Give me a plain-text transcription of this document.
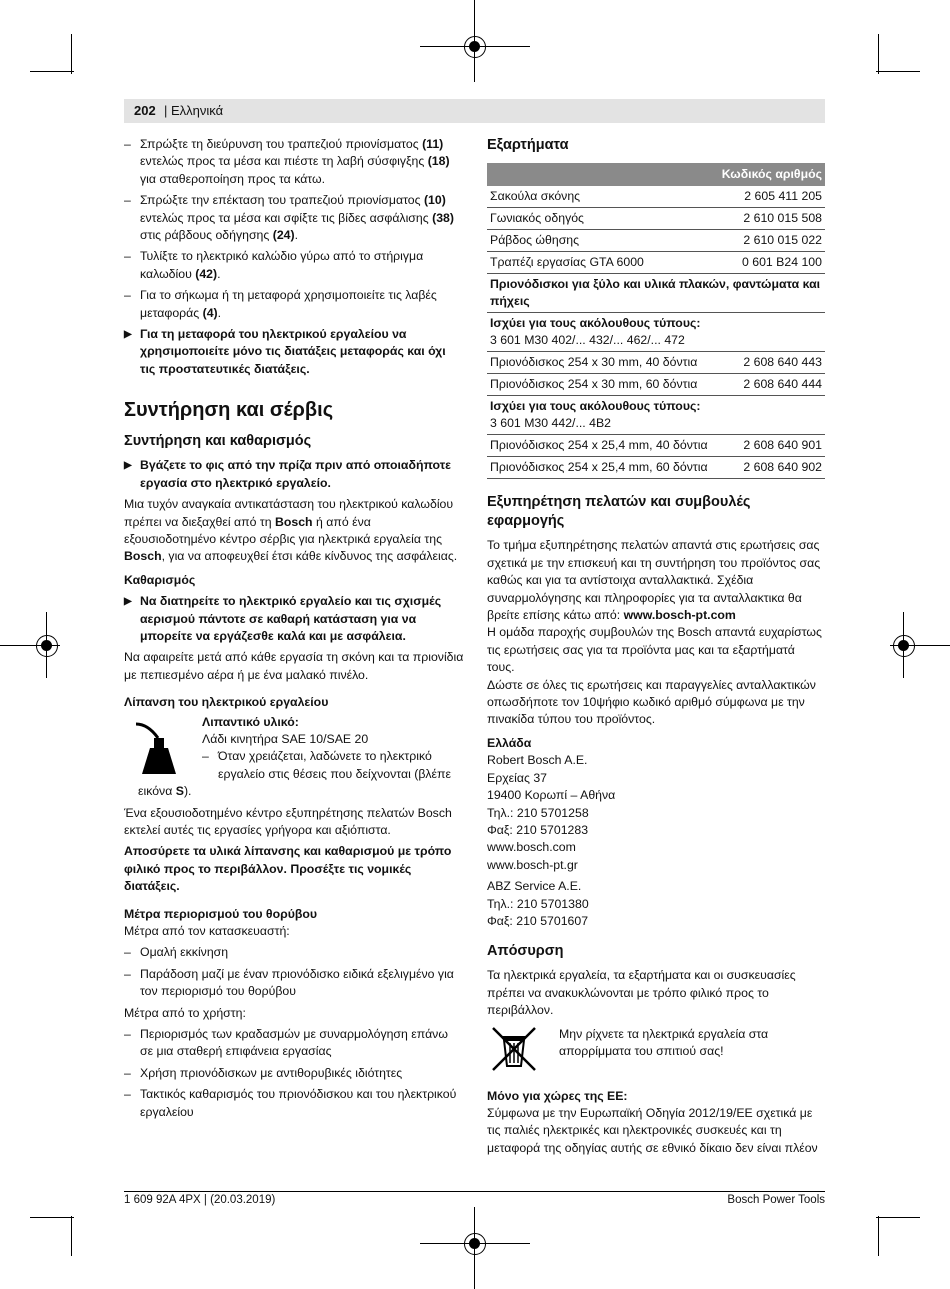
202 | Ελληνικά

– Σπρώξτε τη διεύρυνση του τραπεζιού πριονίσματος (11) εντελώς προς τα μέσα και πιέστε τη λαβή σύσφιγξης (18) για σταθεροποίηση προς τα κάτω.

– Σπρώξτε την επέκταση του τραπεζιού πριονίσματος (10) εντελώς προς τα μέσα και σφίξτε τις βίδες ασφάλισης (38) στις ράβδους οδήγησης (24).

– Τυλίξτε το ηλεκτρικό καλώδιο γύρω από το στήριγμα καλωδίου (42).

– Για το σήκωμα ή τη μεταφορά χρησιμοποιείτε τις λαβές μεταφοράς (4).

▶ Για τη μεταφορά του ηλεκτρικού εργαλείου να χρησιμοποιείτε μόνο τις διατάξεις μεταφοράς και όχι τις προστατευτικές διατάξεις.

Συντήρηση και σέρβις
Συντήρηση και καθαρισμός

▶ Βγάζετε το φις από την πρίζα πριν από οποιαδήποτε εργασία στο ηλεκτρικό εργαλείο.

Μια τυχόν αναγκαία αντικατάσταση του ηλεκτρικού καλωδίου πρέπει να διεξαχθεί από τη Bosch ή από ένα εξουσιοδοτημένο κέντρο σέρβις για ηλεκτρικά εργαλεία της Bosch, για να αποφευχθεί έτσι κάθε κίνδυνος της ασφάλειας.

Καθαρισμός

▶ Να διατηρείτε το ηλεκτρικό εργαλείο και τις σχισμές αερισμού πάντοτε σε καθαρή κατάσταση για να μπορείτε να εργάζεσθε καλά και με ασφάλεια.

Να αφαιρείτε μετά από κάθε εργασία τη σκόνη και τα πριονίδια με πεπιεσμένο αέρα ή με ένα μαλακό πινέλο.

Λίπανση του ηλεκτρικού εργαλείου

Λιπαντικό υλικό:

Λάδι κινητήρα SAE 10/SAE 20

– Όταν χρειάζεται, λαδώνετε το ηλεκτρικό εργαλείο στις θέσεις που δείχνονται (βλέπε

εικόνα S).

Ένα εξουσιοδοτημένο κέντρο εξυπηρέτησης πελατών Bosch εκτελεί αυτές τις εργασίες γρήγορα και αξιόπιστα.

Αποσύρετε τα υλικά λίπανσης και καθαρισμού με τρόπο φιλικό προς το περιβάλλον. Προσέξτε τις νομικές διατάξεις.

Μέτρα περιορισμού του θορύβου

Μέτρα από τον κατασκευαστή:

– Ομαλή εκκίνηση

– Παράδοση μαζί με έναν πριονόδισκο ειδικά εξελιγμένο για τον περιορισμό του θορύβου

Μέτρα από το χρήστη:

– Περιορισμός των κραδασμών με συναρμολόγηση επάνω σε μια σταθερή επιφάνεια εργασίας

– Χρήση πριονόδισκων με αντιθορυβικές ιδιότητες

– Τακτικός καθαρισμός του πριονόδισκου και του ηλεκτρικού εργαλείου

Εξαρτήματα
Κωδικός αριθμός	
Σακούλα σκόνης	2 605 411 205
Γωνιακός οδηγός	2 610 015 508
Ράβδος ώθησης	2 610 015 022
Τραπέζι εργασίας GTA 6000	0 601 B24 100
Πριονόδισκοι για ξύλο και υλικά πλακών, φαντώματα και πήχεις	
Ισχύει για τους ακόλουθους τύπους:
3 601 M30 402/... 432/... 462/... 472	
Πριονόδισκος 254 x 30 mm, 40 δόντια	2 608 640 443
Πριονόδισκος 254 x 30 mm, 60 δόντια	2 608 640 444
Ισχύει για τους ακόλουθους τύπους:
3 601 M30 442/... 4B2	
Πριονόδισκος 254 x 25,4 mm, 40 δόντια	2 608 640 901
Πριονόδισκος 254 x 25,4 mm, 60 δόντια	2 608 640 902
Εξυπηρέτηση πελατών και συμβουλές εφαρμογής

Το τμήμα εξυπηρέτησης πελατών απαντά στις ερωτήσεις σας σχετικά με την επισκευή και τη συντήρηση του προϊόντος σας καθώς και για τα αντίστοιχα ανταλλακτικά. Σχέδια συναρμολόγησης και πληροφορίες για τα ανταλλακτικα θα βρείτε επίσης κάτω από: www.bosch-pt.com

Η ομάδα παροχής συμβουλών της Bosch απαντά ευχαρίστως τις ερωτήσεις σας για τα προϊόντα μας και τα εξαρτήματά τους.

Δώστε σε όλες τις ερωτήσεις και παραγγελίες ανταλλακτικών οπωσδήποτε τον 10ψήφιο κωδικό αριθμό σύμφωνα με την πινακίδα τύπου του προϊόντος.

Ελλάδα

Robert Bosch A.E.

Ερχείας 37

19400 Κορωπί – Αθήνα

Τηλ.: 210 5701258

Φαξ: 210 5701283

www.bosch.com

www.bosch-pt.gr

ABZ Service A.E.

Τηλ.: 210 5701380

Φαξ: 210 5701607

Απόσυρση

Τα ηλεκτρικά εργαλεία, τα εξαρτήματα και οι συσκευασίες πρέπει να ανακυκλώνονται με τρόπο φιλικό προς το περιβάλλον.

Μην ρίχνετε τα ηλεκτρικά εργαλεία στα απορρίμματα του σπιτιού σας!

Μόνο για χώρες της ΕΕ:

Σύμφωνα με την Ευρωπαϊκή Οδηγία 2012/19/ΕΕ σχετικά με τις παλιές ηλεκτρικές και ηλεκτρονικές συσκευές και τη μεταφορά της οδηγίας αυτής σε εθνικό δίκαιο δεν είναι πλέον

1 609 92A 4PX | (20.03.2019)	Bosch Power Tools
